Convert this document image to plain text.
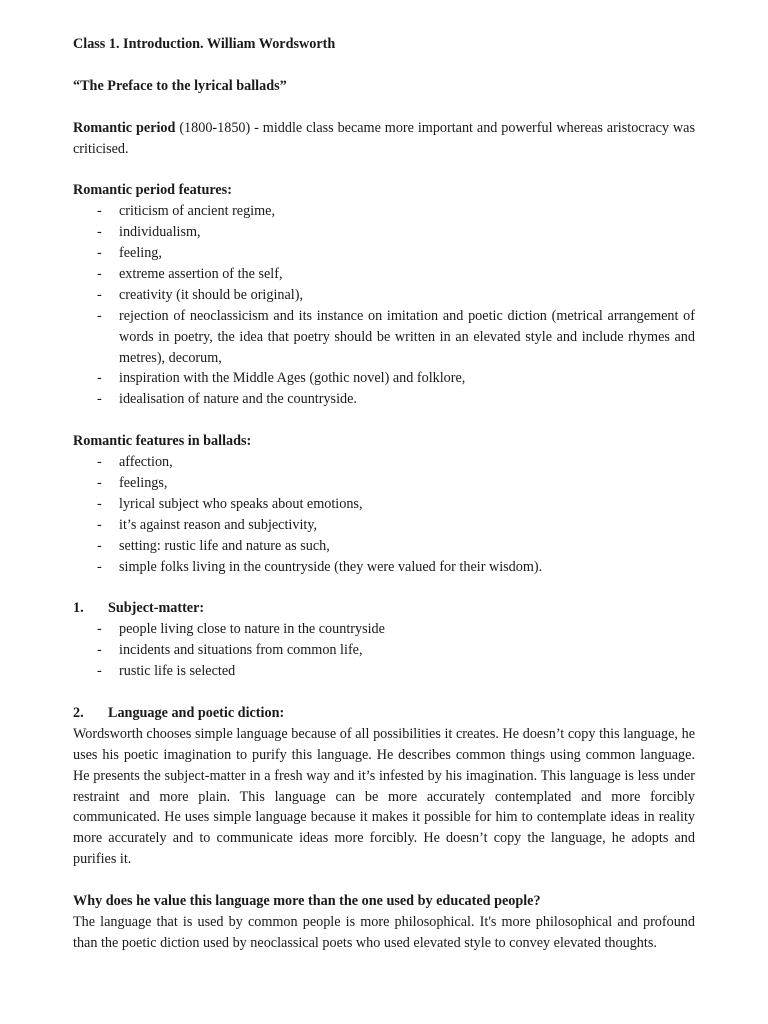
Class 1. Introduction. William Wordsworth

“The Preface to the lyrical ballads”

Romantic period (1800-1850) - middle class became more important and powerful whereas aristocracy was criticised.

Romantic period features:

- criticism of ancient regime,
- individualism,
- feeling,
- extreme assertion of the self,
- creativity (it should be original),
- rejection of neoclassicism and its instance on imitation and poetic diction (metrical arrangement of words in poetry, the idea that poetry should be written in an elevated style and include rhymes and metres), decorum,
- inspiration with the Middle Ages (gothic novel) and folklore,
- idealisation of nature and the countryside.

Romantic features in ballads:

- affection,
- feelings,
- lyrical subject who speaks about emotions,
- it’s against reason and subjectivity,
- setting: rustic life and nature as such,
- simple folks living in the countryside (they were valued for their wisdom).

1. Subject-matter:

- people living close to nature in the countryside
- incidents and situations from common life,
- rustic life is selected

2. Language and poetic diction:

Wordsworth chooses simple language because of all possibilities it creates. He doesn’t copy this language, he uses his poetic imagination to purify this language. He describes common things using common language. He presents the subject-matter in a fresh way and it’s infested by his imagination. This language is less under restraint and more plain. This language can be more accurately contemplated and more forcibly communicated. He uses simple language because it makes it possible for him to contemplate ideas in reality more accurately and to communicate ideas more forcibly. He doesn’t copy the language, he adopts and purifies it.

Why does he value this language more than the one used by educated people?

The language that is used by common people is more philosophical. It's more philosophical and profound than the poetic diction used by neoclassical poets who used elevated style to convey elevated thoughts.
